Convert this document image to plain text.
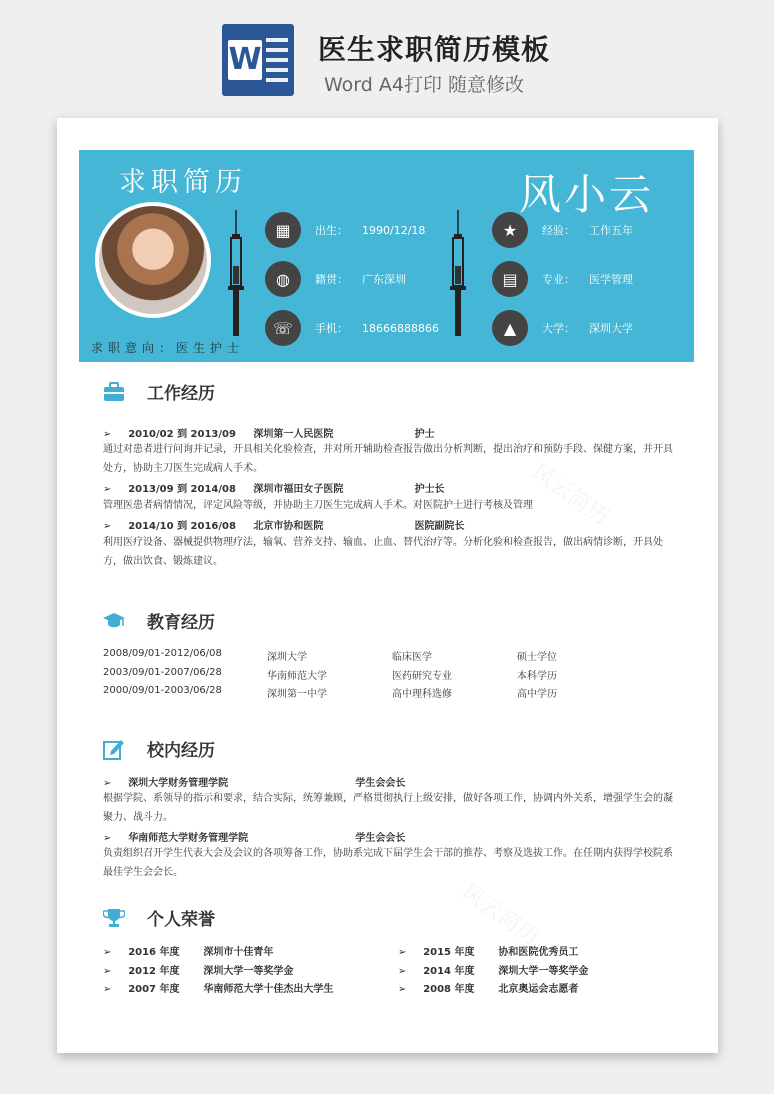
W 医生求职简历模板
Word A4打印 随意修改
风云简历
风云简历
求职简历	风小云
求职意向：医生护士
▦	出生： 1990/12/18
◍	籍贯： 广东深圳
☏	手机： 18666888866
★	经验： 工作五年
▤	专业： 医学管理
▲	大学： 深圳大学
工作经历
➢ 2010/02 到 2013/09 深圳第一人民医院	护士
通过对患者进行问询并记录，开具相关化验检查，并对所开辅助检查报告做出分析判断，提出治疗和预防手段、保健方案，并开具处方，协助主刀医生完成病人手术。
➢ 2013/09 到 2014/08 深圳市福田女子医院	护士长
管理医患者病情情况，评定风险等级，并协助主刀医生完成病人手术。对医院护士进行考核及管理
➢ 2014/10 到 2016/08 北京市协和医院	医院副院长
利用医疗设备、器械提供物理疗法，输氧、营养支持、输血、止血、替代治疗等。分析化验和检查报告，做出病情诊断，开具处方，做出饮食、锻炼建议。
教育经历
2008/09/01-2012/06/08	深圳大学	临床医学	硕士学位
2003/09/01-2007/06/28	华南师范大学	医药研究专业	本科学历
2000/09/01-2003/06/28	深圳第一中学	高中理科选修	高中学历
校内经历
➢ 深圳大学财务管理学院	学生会会长
根据学院、系领导的指示和要求，结合实际，统筹兼顾，严格贯彻执行上级安排，做好各项工作，协调内外关系，增强学生会的凝聚力、战斗力。
➢ 华南师范大学财务管理学院	学生会会长
负责组织召开学生代表大会及会议的各项筹备工作，协助系完成下届学生会干部的推荐、考察及选拔工作。在任期内获得学校院系最佳学生会会长。
个人荣誉
➢ 2016 年度 深圳市十佳青年
➢ 2012 年度 深圳大学一等奖学金
➢ 2007 年度 华南师范大学十佳杰出大学生
➢ 2015 年度 协和医院优秀员工
➢ 2014 年度 深圳大学一等奖学金
➢ 2008 年度 北京奥运会志愿者
